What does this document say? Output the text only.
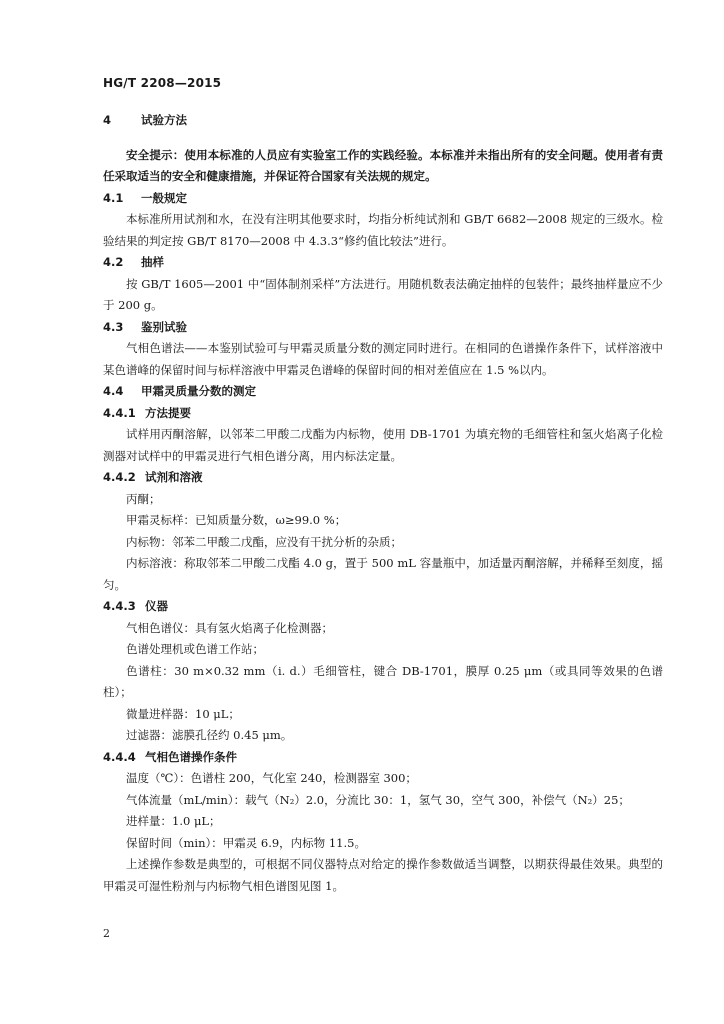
HG/T 2208—2015
4	试验方法

安全提示：使用本标准的人员应有实验室工作的实践经验。本标准并未指出所有的安全问题。使用者有责任采取适当的安全和健康措施，并保证符合国家有关法规的规定。

4.1 一般规定

本标准所用试剂和水，在没有注明其他要求时，均指分析纯试剂和 GB/T 6682—2008 规定的三级水。检验结果的判定按 GB/T 8170—2008 中 4.3.3“修约值比较法”进行。

4.2 抽样

按 GB/T 1605—2001 中“固体制剂采样”方法进行。用随机数表法确定抽样的包装件；最终抽样量应不少于 200 g。

4.3 鉴别试验

气相色谱法——本鉴别试验可与甲霜灵质量分数的测定同时进行。在相同的色谱操作条件下，试样溶液中某色谱峰的保留时间与标样溶液中甲霜灵色谱峰的保留时间的相对差值应在 1.5 %以内。

4.4 甲霜灵质量分数的测定
4.4.1 方法提要

试样用丙酮溶解，以邻苯二甲酸二戊酯为内标物，使用 DB-1701 为填充物的毛细管柱和氢火焰离子化检测器对试样中的甲霜灵进行气相色谱分离，用内标法定量。

4.4.2 试剂和溶液

丙酮；

甲霜灵标样：已知质量分数，ω≥99.0 %；

内标物：邻苯二甲酸二戊酯，应没有干扰分析的杂质；

内标溶液：称取邻苯二甲酸二戊酯 4.0 g，置于 500 mL 容量瓶中，加适量丙酮溶解，并稀释至刻度，摇匀。

4.4.3 仪器

气相色谱仪：具有氢火焰离子化检测器；

色谱处理机或色谱工作站；

色谱柱：30 m×0.32 mm（i. d.）毛细管柱，键合 DB-1701，膜厚 0.25 μm（或具同等效果的色谱柱）；

微量进样器：10 μL；

过滤器：滤膜孔径约 0.45 μm。

4.4.4 气相色谱操作条件

温度（℃）：色谱柱 200，气化室 240，检测器室 300；

气体流量（mL/min）：载气（N₂）2.0，分流比 30：1，氢气 30，空气 300，补偿气（N₂）25；

进样量：1.0 μL；

保留时间（min）：甲霜灵 6.9，内标物 11.5。

上述操作参数是典型的，可根据不同仪器特点对给定的操作参数做适当调整，以期获得最佳效果。典型的甲霜灵可湿性粉剂与内标物气相色谱图见图 1。

2
